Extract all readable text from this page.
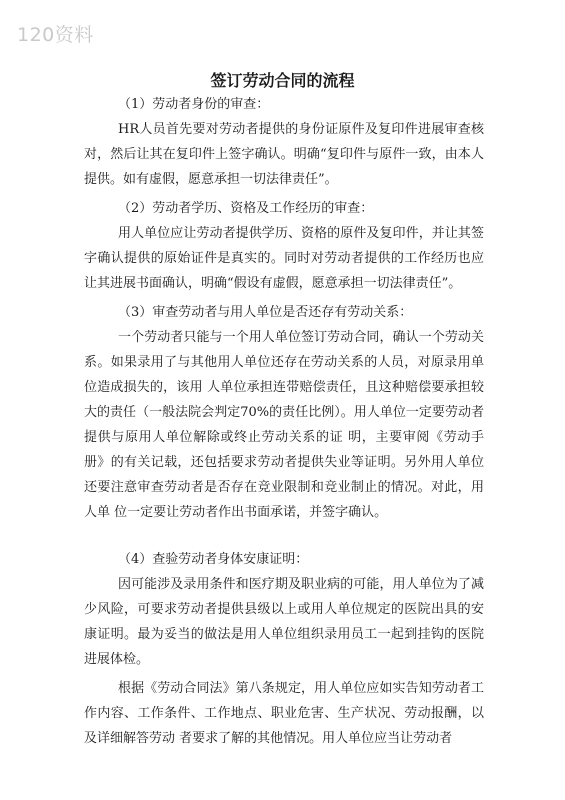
120资料
签订劳动合同的流程

（1）劳动者身份的审查：

HR人员首先要对劳动者提供的身份证原件及复印件进展审查核对，然后让其在复印件上签字确认。明确“复印件与原件一致，由本人提供。如有虚假，愿意承担一切法律责任”。

（2）劳动者学历、资格及工作经历的审查：

用人单位应让劳动者提供学历、资格的原件及复印件，并让其签字确认提供的原始证件是真实的。同时对劳动者提供的工作经历也应让其进展书面确认，明确“假设有虚假，愿意承担一切法律责任”。

（3）审查劳动者与用人单位是否还存有劳动关系：

一个劳动者只能与一个用人单位签订劳动合同，确认一个劳动关系。如果录用了与其他用人单位还存在劳动关系的人员，对原录用单位造成损失的，该用 人单位承担连带赔偿责任，且这种赔偿要承担较大的责任（一般法院会判定70%的责任比例）。用人单位一定要劳动者提供与原用人单位解除或终止劳动关系的证 明，主要审阅《劳动手册》的有关记载，还包括要求劳动者提供失业等证明。另外用人单位还要注意审查劳动者是否存在竞业限制和竞业制止的情况。对此，用人单 位一定要让劳动者作出书面承诺，并签字确认。

（4）查验劳动者身体安康证明：

因可能涉及录用条件和医疗期及职业病的可能，用人单位为了减少风险，可要求劳动者提供县级以上或用人单位规定的医院出具的安康证明。最为妥当的做法是用人单位组织录用员工一起到挂钩的医院进展体检。

根据《劳动合同法》第八条规定，用人单位应如实告知劳动者工作内容、工作条件、工作地点、职业危害、生产状况、劳动报酬，以及详细解答劳动 者要求了解的其他情况。用人单位应当让劳动者
